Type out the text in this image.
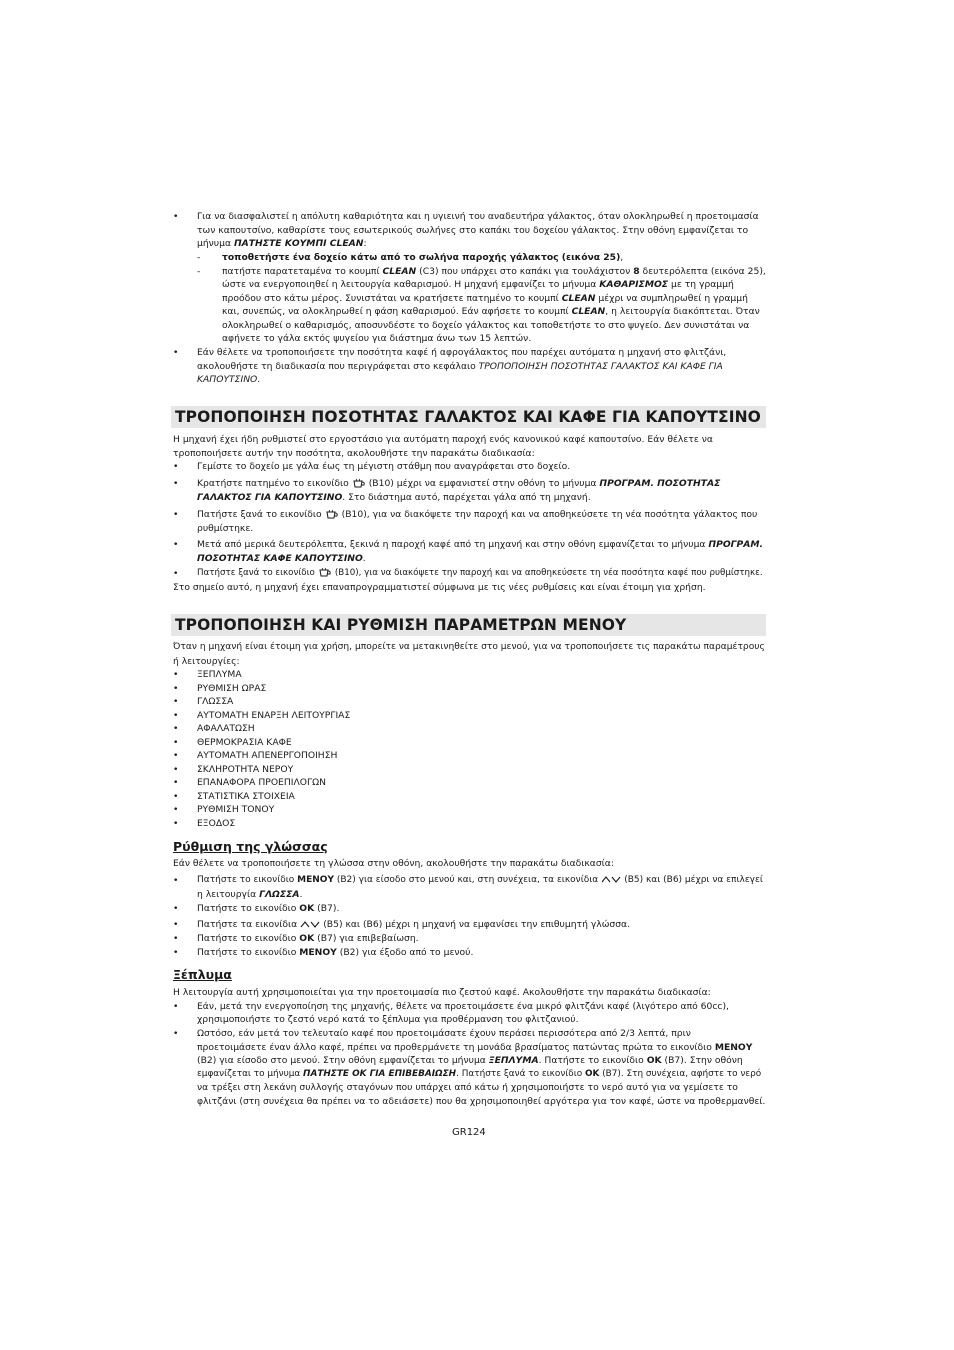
• Για να διασφαλιστεί η απόλυτη καθαριότητα και η υγιεινή του αναδευτήρα γάλακτος, όταν ολοκληρωθεί η προετοιμασία
των καπουτσίνο, καθαρίστε τους εσωτερικούς σωλήνες στο καπάκι του δοχείου γάλακτος. Στην οθόνη εμφανίζεται το
μήνυμα ΠΑΤΗΣΤΕ ΚΟΥΜΠΙ CLEAN:
- τοποθετήστε ένα δοχείο κάτω από το σωλήνα παροχής γάλακτος (εικόνα 25),
- πατήστε παρατεταμένα το κουμπί CLEAN (C3) που υπάρχει στο καπάκι για τουλάχιστον 8 δευτερόλεπτα (εικόνα 25),
ώστε να ενεργοποιηθεί η λειτουργία καθαρισμού. Η μηχανή εμφανίζει το μήνυμα ΚΑΘΑΡΙΣΜΟΣ με τη γραμμή
προόδου στο κάτω μέρος. Συνιστάται να κρατήσετε πατημένο το κουμπί CLEAN μέχρι να συμπληρωθεί η γραμμή
και, συνεπώς, να ολοκληρωθεί η φάση καθαρισμού. Εάν αφήσετε το κουμπί CLEAN, η λειτουργία διακόπτεται. Όταν
ολοκληρωθεί ο καθαρισμός, αποσυνδέστε το δοχείο γάλακτος και τοποθετήστε το στο ψυγείο. Δεν συνιστάται να
αφήνετε το γάλα εκτός ψυγείου για διάστημα άνω των 15 λεπτών.
• Εάν θέλετε να τροποποιήσετε την ποσότητα καφέ ή αφρογάλακτος που παρέχει αυτόματα η μηχανή στο φλιτζάνι,
ακολουθήστε τη διαδικασία που περιγράφεται στο κεφάλαιο ΤΡΟΠΟΠΟΙΗΣΗ ΠΟΣΟΤΗΤΑΣ ΓΑΛΑΚΤΟΣ ΚΑΙ ΚΑΦΕ ΓΙΑ
ΚΑΠΟΥΤΣΙΝΟ.
ΤΡΟΠΟΠΟΙΗΣΗ ΠΟΣΟΤΗΤΑΣ ΓΑΛΑΚΤΟΣ ΚΑΙ ΚΑΦΕ ΓΙΑ ΚΑΠΟΥΤΣΙΝΟ
Η μηχανή έχει ήδη ρυθμιστεί στο εργοστάσιο για αυτόματη παροχή ενός κανονικού καφέ καπουτσίνο. Εάν θέλετε να
τροποποιήσετε αυτήν την ποσότητα, ακολουθήστε την παρακάτω διαδικασία:
• Γεμίστε το δοχείο με γάλα έως τη μέγιστη στάθμη που αναγράφεται στο δοχείο.
• Κρατήστε πατημένο το εικονίδιο (B10) μέχρι να εμφανιστεί στην οθόνη το μήνυμα ΠΡΟΓΡΑΜ. ΠΟΣΟΤΗΤΑΣ
ΓΑΛΑΚΤΟΣ ΓΙΑ ΚΑΠΟΥΤΣΙΝΟ. Στο διάστημα αυτό, παρέχεται γάλα από τη μηχανή.
• Πατήστε ξανά το εικονίδιο (B10), για να διακόψετε την παροχή και να αποθηκεύσετε τη νέα ποσότητα γάλακτος που
ρυθμίστηκε.
• Μετά από μερικά δευτερόλεπτα, ξεκινά η παροχή καφέ από τη μηχανή και στην οθόνη εμφανίζεται το μήνυμα ΠΡΟΓΡΑΜ.
ΠΟΣΟΤΗΤΑΣ ΚΑΦΕ ΚΑΠΟΥΤΣΙΝΟ.
• Πατήστε ξανά το εικονίδιο (B10), για να διακόψετε την παροχή και να αποθηκεύσετε τη νέα ποσότητα καφέ που ρυθμίστηκε.
Στο σημείο αυτό, η μηχανή έχει επαναπρογραμματιστεί σύμφωνα με τις νέες ρυθμίσεις και είναι έτοιμη για χρήση.
ΤΡΟΠΟΠΟΙΗΣΗ ΚΑΙ ΡΥΘΜΙΣΗ ΠΑΡΑΜΕΤΡΩΝ ΜΕΝΟΥ
Όταν η μηχανή είναι έτοιμη για χρήση, μπορείτε να μετακινηθείτε στο μενού, για να τροποποιήσετε τις παρακάτω παραμέτρους
ή λειτουργίες:
• ΞΕΠΛΥΜΑ
• ΡΥΘΜΙΣΗ ΩΡΑΣ
• ΓΛΩΣΣΑ
• ΑΥΤΟΜΑΤΗ ΕΝΑΡΞΗ ΛΕΙΤΟΥΡΓΙΑΣ
• ΑΦΑΛΑΤΩΣΗ
• ΘΕΡΜΟΚΡΑΣΙΑ ΚΑΦΕ
• ΑΥΤΟΜΑΤΗ ΑΠΕΝΕΡΓΟΠΟΙΗΣΗ
• ΣΚΛΗΡΟΤΗΤΑ ΝΕΡΟΥ
• ΕΠΑΝΑΦΟΡΑ ΠΡΟΕΠΙΛΟΓΩΝ
• ΣΤΑΤΙΣΤΙΚΑ ΣΤΟΙΧΕΙΑ
• ΡΥΘΜΙΣΗ ΤΟΝΟΥ
• ΕΞΟΔΟΣ
Ρύθμιση της γλώσσας
Εάν θέλετε να τροποποιήσετε τη γλώσσα στην οθόνη, ακολουθήστε την παρακάτω διαδικασία:
• Πατήστε το εικονίδιο ΜΕΝΟΥ (B2) για είσοδο στο μενού και, στη συνέχεια, τα εικονίδια	(B5) και (B6) μέχρι να επιλεγεί
η λειτουργία ΓΛΩΣΣΑ.
• Πατήστε το εικονίδιο ΟΚ (B7).
• Πατήστε τα εικονίδια	(B5) και (B6) μέχρι η μηχανή να εμφανίσει την επιθυμητή γλώσσα.
• Πατήστε το εικονίδιο ΟΚ (B7) για επιβεβαίωση.
• Πατήστε το εικονίδιο ΜΕΝΟΥ (B2) για έξοδο από το μενού.
Ξέπλυμα
Η λειτουργία αυτή χρησιμοποιείται για την προετοιμασία πιο ζεστού καφέ. Ακολουθήστε την παρακάτω διαδικασία:
• Εάν, μετά την ενεργοποίηση της μηχανής, θέλετε να προετοιμάσετε ένα μικρό φλιτζάνι καφέ (λιγότερο από 60cc),
χρησιμοποιήστε το ζεστό νερό κατά το ξέπλυμα για προθέρμανση του φλιτζανιού.
• Ωστόσο, εάν μετά τον τελευταίο καφέ που προετοιμάσατε έχουν περάσει περισσότερα από 2/3 λεπτά, πριν
προετοιμάσετε έναν άλλο καφέ, πρέπει να προθερμάνετε τη μονάδα βρασίματος πατώντας πρώτα το εικονίδιο ΜΕΝΟΥ
(B2) για είσοδο στο μενού. Στην οθόνη εμφανίζεται το μήνυμα ΞΕΠΛΥΜΑ. Πατήστε το εικονίδιο ΟΚ (B7). Στην οθόνη
εμφανίζεται το μήνυμα ΠΑΤΗΣΤΕ ΟΚ ΓΙΑ ΕΠΙΒΕΒΑΙΩΣΗ. Πατήστε ξανά το εικονίδιο ΟΚ (B7). Στη συνέχεια, αφήστε το νερό
να τρέξει στη λεκάνη συλλογής σταγόνων που υπάρχει από κάτω ή χρησιμοποιήστε το νερό αυτό για να γεμίσετε το
φλιτζάνι (στη συνέχεια θα πρέπει να το αδειάσετε) που θα χρησιμοποιηθεί αργότερα για τον καφέ, ώστε να προθερμανθεί.
GR124
